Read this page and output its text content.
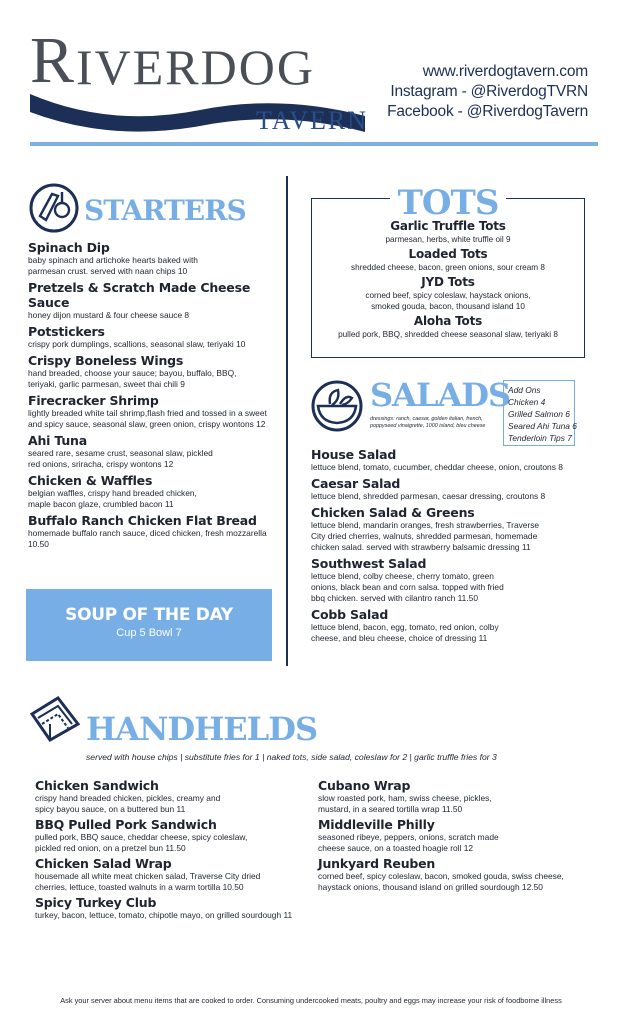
R IVERDOG
TAVERN
www.riverdogtavern.com
Instagram - @RiverdogTVRN
Facebook - @RiverdogTavern
STARTERS
Spinach Dip
baby spinach and artichoke hearts baked with
parmesan crust. served with naan chips 10
Pretzels & Scratch Made Cheese Sauce
honey dijon mustard & four cheese sauce 8
Potstickers
crispy pork dumplings, scallions, seasonal slaw, teriyaki 10
Crispy Boneless Wings
hand breaded, choose your sauce; bayou, buffalo, BBQ,
teriyaki, garlic parmesan, sweet thai chili 9
Firecracker Shrimp
lightly breaded white tail shrimp,flash fried and tossed in a sweet
and spicy sauce, seasonal slaw, green onion, crispy wontons 12
Ahi Tuna
seared rare, sesame crust, seasonal slaw, pickled
red onions, sriracha, crispy wontons 12
Chicken & Waffles
belgian waffles, crispy hand breaded chicken,
maple bacon glaze, crumbled bacon 11
Buffalo Ranch Chicken Flat Bread
homemade buffalo ranch sauce, diced chicken, fresh mozzarella 10.50
SOUP OF THE DAY
Cup 5 Bowl 7
TOTS
Garlic Truffle Tots
parmesan, herbs, white truffle oil 9
Loaded Tots
shredded cheese, bacon, green onions, sour cream 8
JYD Tots
corned beef, spicy coleslaw, haystack onions,
smoked gouda, bacon, thousand island 10
Aloha Tots
pulled pork, BBQ, shredded cheese seasonal slaw, teriyaki 8
SALADS
dressings: ranch, caesar, golden italian, french, poppyseed vinaigrette, 1000 island, bleu cheese
Add Ons
Chicken 4
Grilled Salmon 6
Seared Ahi Tuna 6
Tenderloin Tips 7
House Salad
lettuce blend, tomato, cucumber, cheddar cheese, onion, croutons 8
Caesar Salad
lettuce blend, shredded parmesan, caesar dressing, croutons 8
Chicken Salad & Greens
lettuce blend, mandarin oranges, fresh strawberries, Traverse
City dried cherries, walnuts, shredded parmesan, homemade
chicken salad. served with strawberry balsamic dressing 11
Southwest Salad
lettuce blend, colby cheese, cherry tomato, green
onions, black bean and corn salsa. topped with fried
bbq chicken. served with cilantro ranch 11.50
Cobb Salad
lettuce blend, bacon, egg, tomato, red onion, colby
cheese, and bleu cheese, choice of dressing 11
HANDHELDS
served with house chips | substitute fries for 1 | naked tots, side salad, coleslaw for 2 | garlic truffle fries for 3
Chicken Sandwich
crispy hand breaded chicken, pickles, creamy and
spicy bayou sauce, on a buttered bun 11
BBQ Pulled Pork Sandwich
pulled pork, BBQ sauce, cheddar cheese, spicy coleslaw,
pickled red onion, on a pretzel bun 11.50
Chicken Salad Wrap
housemade all white meat chicken salad, Traverse City dried
cherries, lettuce, toasted walnuts in a warm tortilla 10.50
Spicy Turkey Club
turkey, bacon, lettuce, tomato, chipotle mayo, on grilled sourdough 11
Cubano Wrap
slow roasted pork, ham, swiss cheese, pickles,
mustard, in a seared tortilla wrap 11.50
Middleville Philly
seasoned ribeye, peppers, onions, scratch made
cheese sauce, on a toasted hoagie roll 12
Junkyard Reuben
corned beef, spicy coleslaw, bacon, smoked gouda, swiss cheese,
haystack onions, thousand island on grilled sourdough 12.50
Ask your server about menu items that are cooked to order. Consuming undercooked meats, poultry and eggs may increase your risk of foodborne illness
